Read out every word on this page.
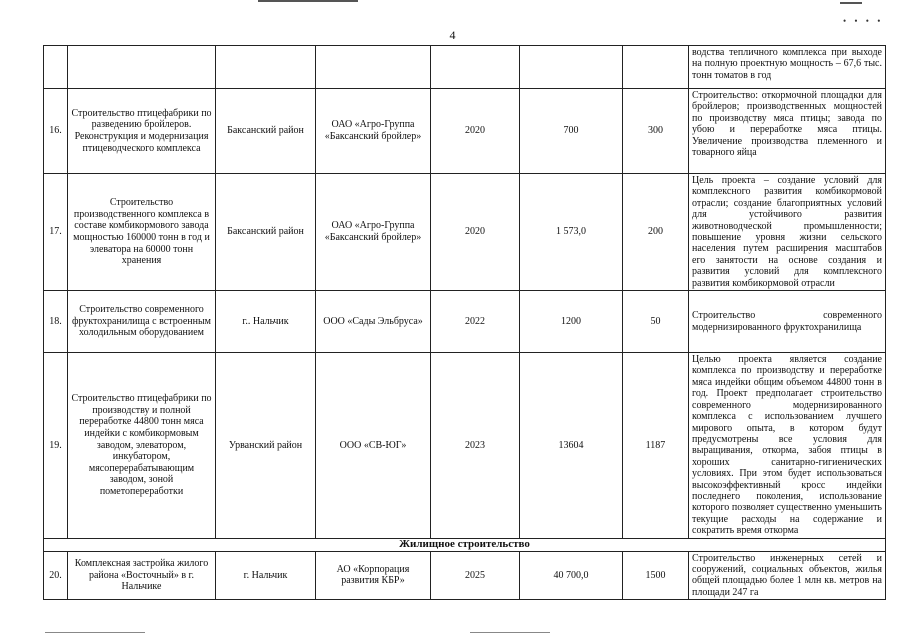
• • • •
4
							водства тепличного комплекса при выходе на полную проектную мощность – 67,6 тыс. тонн томатов в год
16.	Строительство птицефабрики по разведению бройлеров. Реконструкция и модернизация птицеводческого комплекса	Баксанский район	ОАО «Агро-Группа «Баксанский бройлер»	2020	700	300	Строительство: откормочной площадки для бройлеров; производственных мощностей по производству мяса птицы; завода по убою и переработке мяса птицы. Увеличение производства племенного и товарного яйца
17.	Строительство производственного комплекса в составе комбикормового завода мощностью 160000 тонн в год и элеватора на 60000 тонн хранения	Баксанский район	ОАО «Агро-Группа «Баксанский бройлер»	2020	1 573,0	200	Цель проекта – создание условий для комплексного развития комбикормовой отрасли; создание благоприятных условий для устойчивого развития животноводческой промышленности; повышение уровня жизни сельского населения путем расширения масштабов его занятости на основе создания и развития условий для комплексного развития комбикормовой отрасли
18.	Строительство современного фруктохранилища с встроенным холодильным оборудованием	г.. Нальчик	ООО «Сады Эльбруса»	2022	1200	50	Строительство современного модернизированного фруктохранилища
19.	Строительство птицефабрики по производству и полной переработке 44800 тонн мяса индейки с комбикормовым заводом, элеватором, инкубатором, мясоперерабатывающим заводом, зоной пометопереработки	Урванский район	ООО «СВ-ЮГ»	2023	13604	1187	Целью проекта является создание комплекса по производству и переработке мяса индейки общим объемом 44800 тонн в год. Проект предполагает строительство современного модернизированного комплекса с использованием лучшего мирового опыта, в котором будут предусмотрены все условия для выращивания, откорма, забоя птицы в хороших санитарно-гигиенических условиях. При этом будет использоваться высокоэффективный кросс индейки последнего поколения, использование которого позволяет существенно уменьшить текущие расходы на содержание и сократить время откорма
Жилищное строительство							
20.	Комплексная застройка жилого района «Восточный» в г. Нальчике	г. Нальчик	АО «Корпорация развития КБР»	2025	40 700,0	1500	Строительство инженерных сетей и сооружений, социальных объектов, жилья общей площадью более 1 млн кв. метров на площади 247 га
